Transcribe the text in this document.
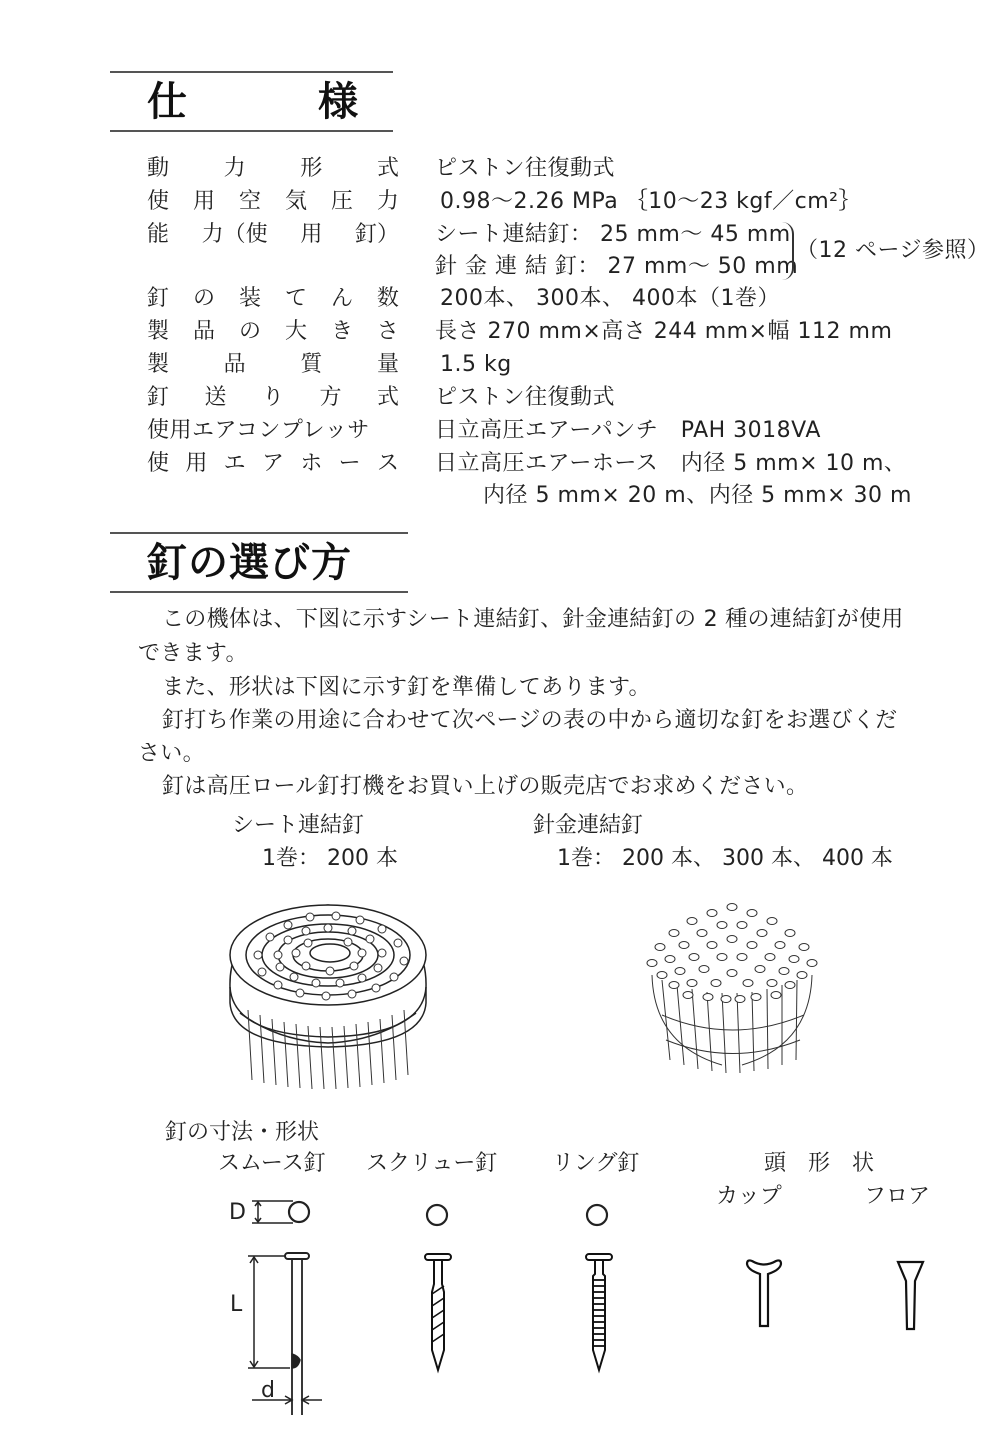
仕	様
動 力 形 式 ピストン往復動式
使 用 空 気 圧 力 0.98～2.26 MPa ｛10～23 kgf／cm²｝
能 力（使 用 釘） シート連結釘： 25 mm～ 45 mm
針 金 連 結 釘： 27 mm～ 50 mm
（12 ページ参照）
釘 の 装 て ん 数 200本、 300本、 400本（1巻）
製 品 の 大 き さ 長さ 270 mm×高さ 244 mm×幅 112 mm
製 品 質 量 1.5 kg
釘 送 り 方 式 ピストン往復動式
使用エアコンプレッサ	日立高圧エアーパンチ　PAH 3018VA
使 用 エ ア ホ ー ス 日立高圧エアーホース　内径 5 mm× 10 m、
内径 5 mm× 20 m、内径 5 mm× 30 m
釘の選び方
この機体は、下図に示すシート連結釘、針金連結釘の 2 種の連結釘が使用
できます。
また、形状は下図に示す釘を準備してあります。
釘打ち作業の用途に合わせて次ページの表の中から適切な釘をお選びくだ
さい。
釘は高圧ロール釘打機をお買い上げの販売店でお求めください。
シート連結釘
1巻： 200 本
針金連結釘
1巻： 200 本、 300 本、 400 本
釘の寸法・形状
スムース釘 スクリュー釘 リング釘	頭　形　状
カップ	フロア
D
L
d
